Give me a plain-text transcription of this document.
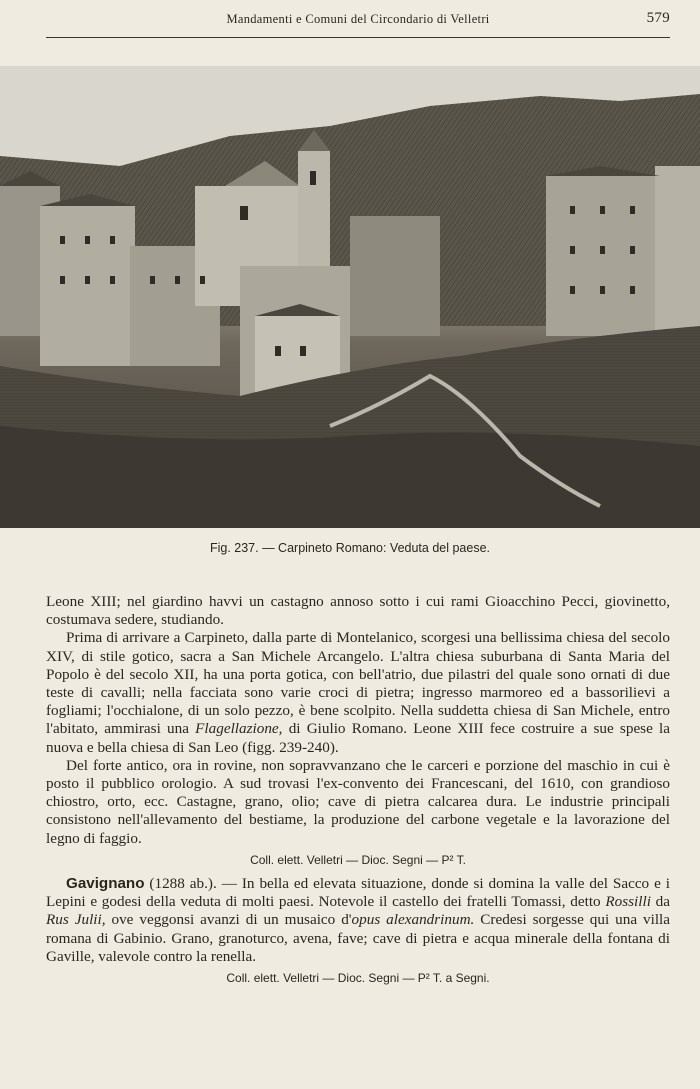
Mandamenti e Comuni del Circondario di Velletri	579
Fig. 237. — Carpineto Romano: Veduta del paese.

Leone XIII; nel giardino havvi un castagno annoso sotto i cui rami Gioacchino Pecci, giovinetto, costumava sedere, studiando.

Prima di arrivare a Carpineto, dalla parte di Montelanico, scorgesi una bellissima chiesa del secolo XIV, di stile gotico, sacra a San Michele Arcangelo. L'altra chiesa suburbana di Santa Maria del Popolo è del secolo XII, ha una porta gotica, con bell'atrio, due pilastri del quale sono ornati di due teste di cavalli; nella facciata sono varie croci di pietra; ingresso marmoreo ed a bassorilievi a fogliami; l'occhialone, di un solo pezzo, è bene scolpito. Nella suddetta chiesa di San Michele, entro l'abitato, ammirasi una Flagellazione, di Giulio Romano. Leone XIII fece costruire a sue spese la nuova e bella chiesa di San Leo (figg. 239-240).

Del forte antico, ora in rovine, non sopravvanzano che le carceri e porzione del maschio in cui è posto il pubblico orologio. A sud trovasi l'ex-convento dei Francescani, del 1610, con grandioso chiostro, orto, ecc. Castagne, grano, olio; cave di pietra calcarea dura. Le industrie principali consistono nell'allevamento del bestiame, la produzione del carbone vegetale e la lavorazione del legno di faggio.

Coll. elett. Velletri — Dioc. Segni — P² T.

Gavignano (1288 ab.). — In bella ed elevata situazione, donde si domina la valle del Sacco e i Lepini e godesi della veduta di molti paesi. Notevole il castello dei fratelli Tomassi, detto Rossilli da Rus Julii, ove veggonsi avanzi di un musaico d'opus alexandrinum. Credesi sorgesse qui una villa romana di Gabinio. Grano, granoturco, avena, fave; cave di pietra e acqua minerale della fontana di Gaville, valevole contro la renella.

Coll. elett. Velletri — Dioc. Segni — P² T. a Segni.
